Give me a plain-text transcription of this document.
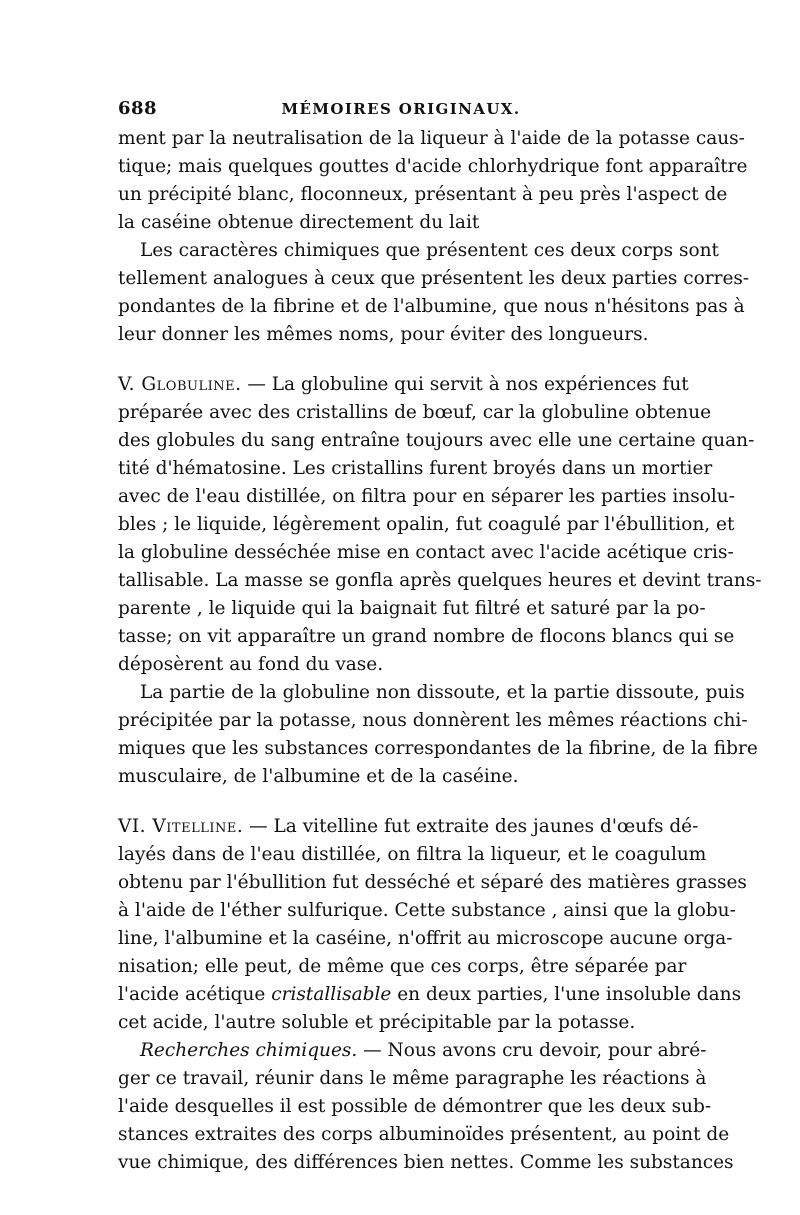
688	MÉMOIRES ORIGINAUX.
ment par la neutralisation de la liqueur à l'aide de la potasse caus-
tique; mais quelques gouttes d'acide chlorhydrique font apparaître
un précipité blanc, floconneux, présentant à peu près l'aspect de
la caséine obtenue directement du lait
Les caractères chimiques que présentent ces deux corps sont
tellement analogues à ceux que présentent les deux parties corres-
pondantes de la fibrine et de l'albumine, que nous n'hésitons pas à
leur donner les mêmes noms, pour éviter des longueurs.
V. Globuline. — La globuline qui servit à nos expériences fut
préparée avec des cristallins de bœuf, car la globuline obtenue
des globules du sang entraîne toujours avec elle une certaine quan-
tité d'hématosine. Les cristallins furent broyés dans un mortier
avec de l'eau distillée, on filtra pour en séparer les parties insolu-
bles ; le liquide, légèrement opalin, fut coagulé par l'ébullition, et
la globuline desséchée mise en contact avec l'acide acétique cris-
tallisable. La masse se gonfla après quelques heures et devint trans-
parente , le liquide qui la baignait fut filtré et saturé par la po-
tasse; on vit apparaître un grand nombre de flocons blancs qui se
déposèrent au fond du vase.
La partie de la globuline non dissoute, et la partie dissoute, puis
précipitée par la potasse, nous donnèrent les mêmes réactions chi-
miques que les substances correspondantes de la fibrine, de la fibre
musculaire, de l'albumine et de la caséine.
VI. Vitelline. — La vitelline fut extraite des jaunes d'œufs dé-
layés dans de l'eau distillée, on filtra la liqueur, et le coagulum
obtenu par l'ébullition fut desséché et séparé des matières grasses
à l'aide de l'éther sulfurique. Cette substance , ainsi que la globu-
line, l'albumine et la caséine, n'offrit au microscope aucune orga-
nisation; elle peut, de même que ces corps, être séparée par
l'acide acétique cristallisable en deux parties, l'une insoluble dans
cet acide, l'autre soluble et précipitable par la potasse.
Recherches chimiques. — Nous avons cru devoir, pour abré-
ger ce travail, réunir dans le même paragraphe les réactions à
l'aide desquelles il est possible de démontrer que les deux sub-
stances extraites des corps albuminoïdes présentent, au point de
vue chimique, des différences bien nettes. Comme les substances
